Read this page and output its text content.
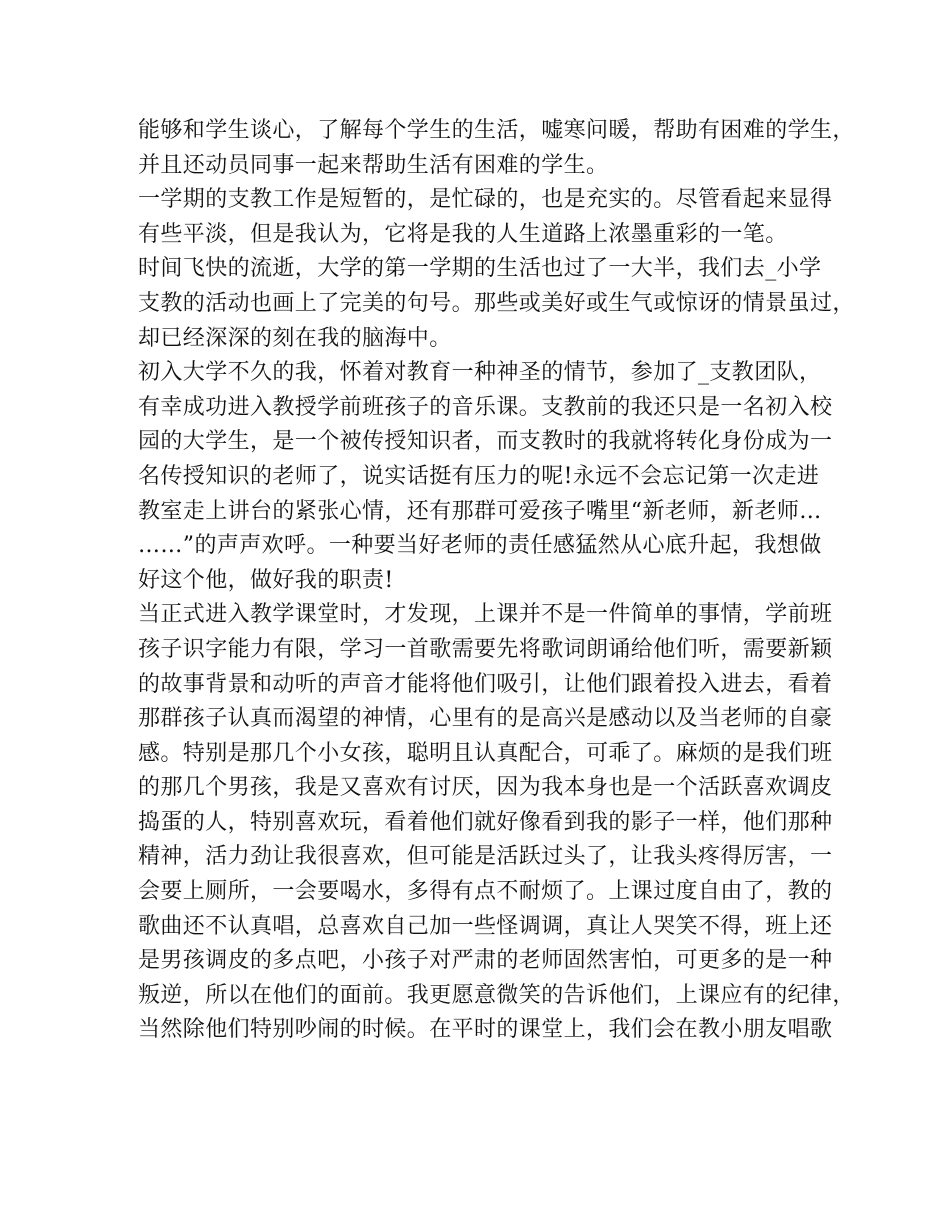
能够和学生谈心，了解每个学生的生活，嘘寒问暖，帮助有困难的学生，
并且还动员同事一起来帮助生活有困难的学生。
一学期的支教工作是短暂的，是忙碌的，也是充实的。尽管看起来显得
有些平淡，但是我认为，它将是我的人生道路上浓墨重彩的一笔。
时间飞快的流逝，大学的第一学期的生活也过了一大半，我们去_小学
支教的活动也画上了完美的句号。那些或美好或生气或惊讶的情景虽过，
却已经深深的刻在我的脑海中。
初入大学不久的我，怀着对教育一种神圣的情节，参加了_支教团队，
有幸成功进入教授学前班孩子的音乐课。支教前的我还只是一名初入校
园的大学生，是一个被传授知识者，而支教时的我就将转化身份成为一
名传授知识的老师了，说实话挺有压力的呢!永远不会忘记第一次走进
教室走上讲台的紧张心情，还有那群可爱孩子嘴里“新老师，新老师…
……”的声声欢呼。一种要当好老师的责任感猛然从心底升起，我想做
好这个他，做好我的职责!
当正式进入教学课堂时，才发现，上课并不是一件简单的事情，学前班
孩子识字能力有限，学习一首歌需要先将歌词朗诵给他们听，需要新颖
的故事背景和动听的声音才能将他们吸引，让他们跟着投入进去，看着
那群孩子认真而渴望的神情，心里有的是高兴是感动以及当老师的自豪
感。特别是那几个小女孩，聪明且认真配合，可乖了。麻烦的是我们班
的那几个男孩，我是又喜欢有讨厌，因为我本身也是一个活跃喜欢调皮
捣蛋的人，特别喜欢玩，看着他们就好像看到我的影子一样，他们那种
精神，活力劲让我很喜欢，但可能是活跃过头了，让我头疼得厉害，一
会要上厕所，一会要喝水，多得有点不耐烦了。上课过度自由了，教的
歌曲还不认真唱，总喜欢自己加一些怪调调，真让人哭笑不得，班上还
是男孩调皮的多点吧，小孩子对严肃的老师固然害怕，可更多的是一种
叛逆，所以在他们的面前。我更愿意微笑的告诉他们，上课应有的纪律，
当然除他们特别吵闹的时候。在平时的课堂上，我们会在教小朋友唱歌
